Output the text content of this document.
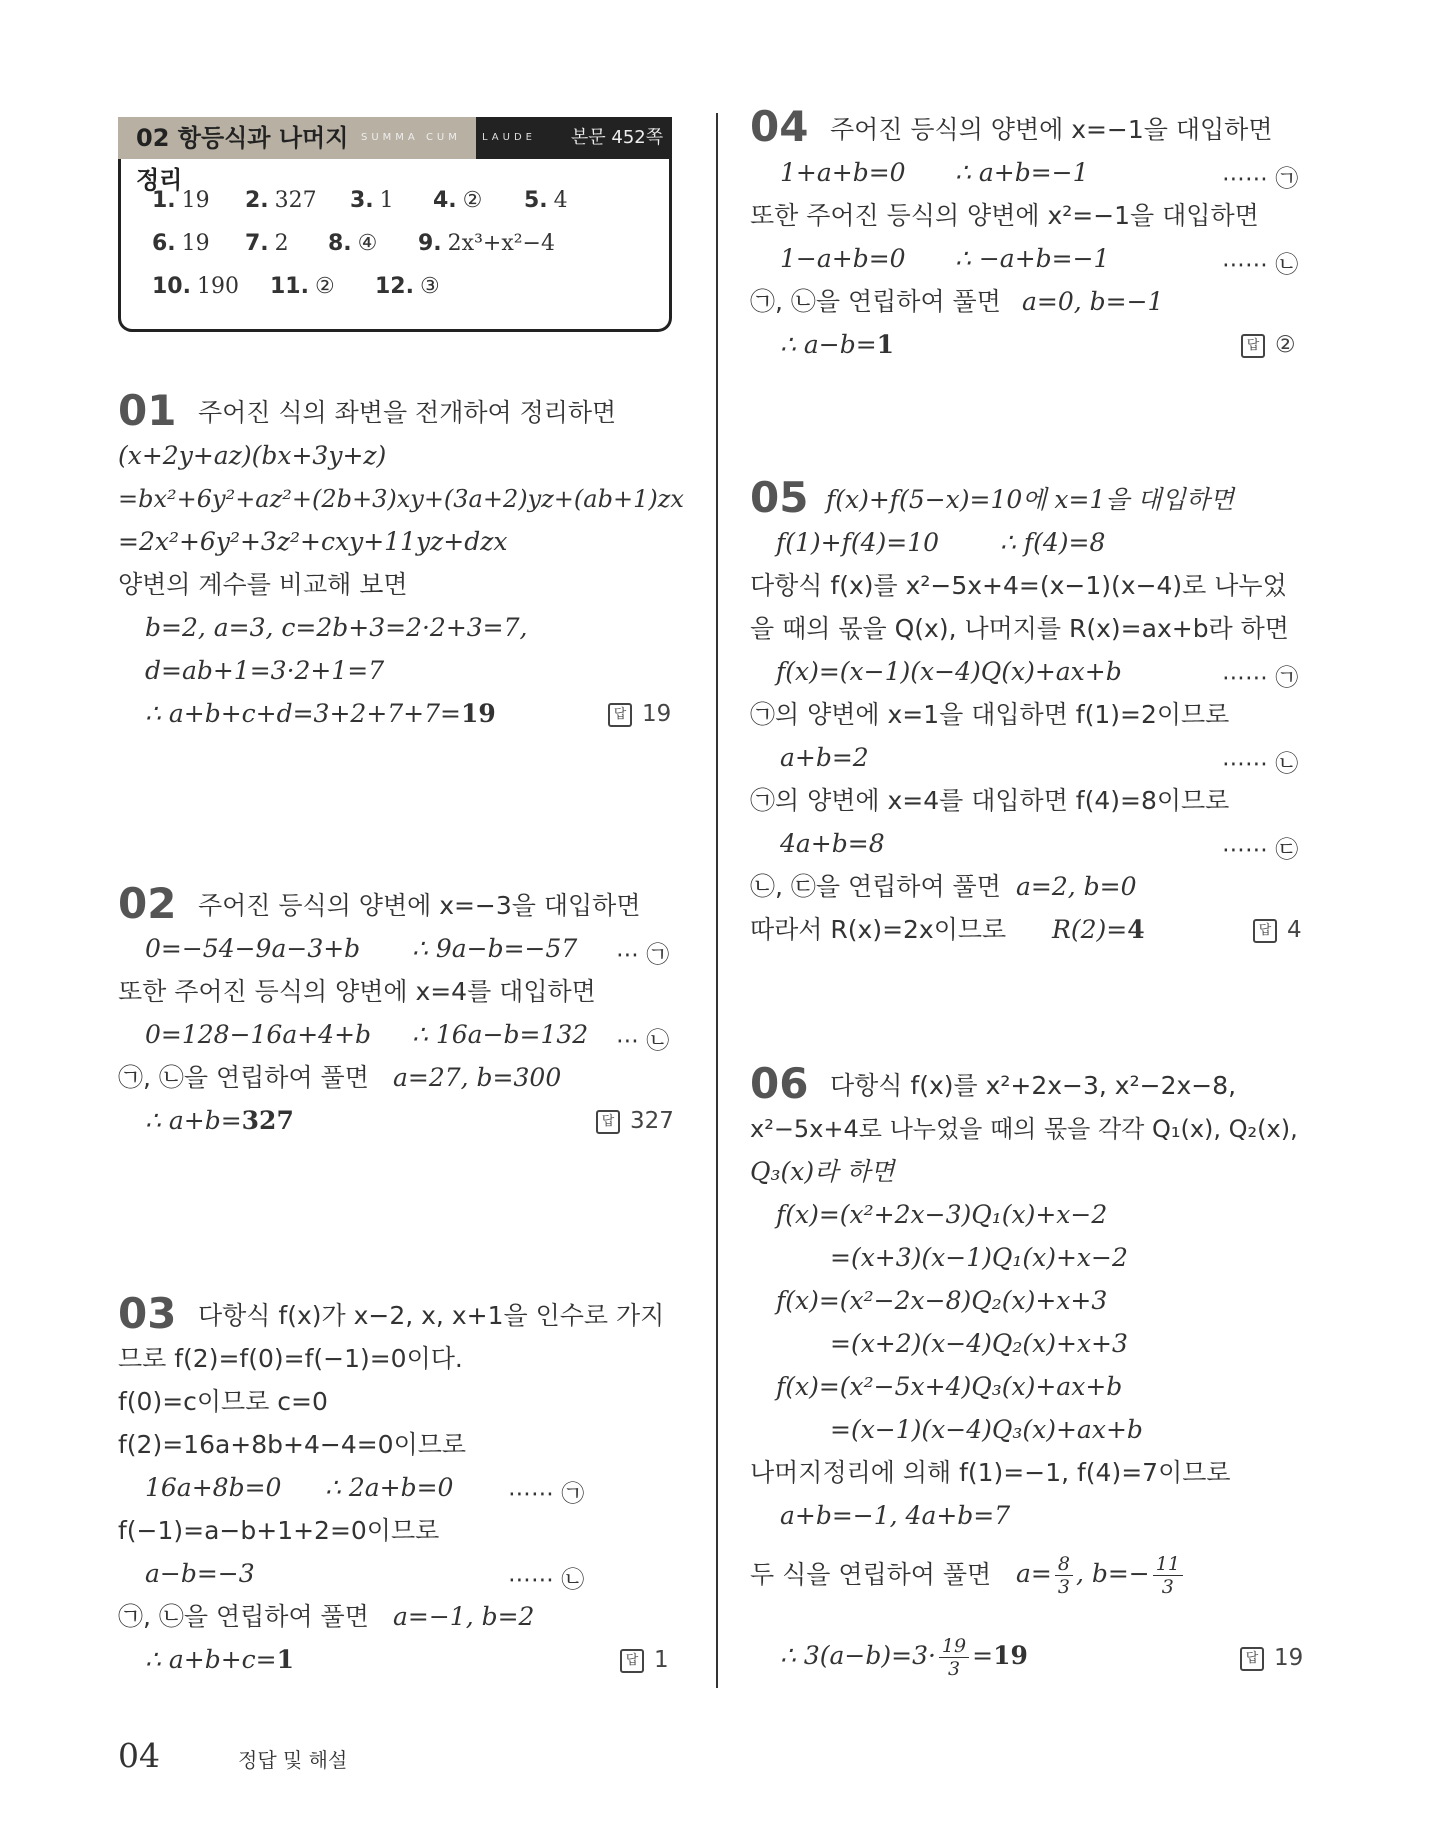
02 항등식과 나머지정리
SUMMA CUM	LAUDE	본문 452쪽
1. 19 2. 327 3. 1 4. ② 5. 4
6. 19 7. 2 8. ④ 9. 2x³+x²−4
10. 190 11. ② 12. ③
01 주어진 식의 좌변을 전개하여 정리하면
(x+2y+az)(bx+3y+z)
=bx²+6y²+az²+(2b+3)xy+(3a+2)yz+(ab+1)zx
=2x²+6y²+3z²+cxy+11yz+dzx
양변의 계수를 비교해 보면
b=2, a=3, c=2b+3=2·2+3=7,
d=ab+1=3·2+1=7
∴ a+b+c+d=3+2+7+7=19	답 19
02 주어진 등식의 양변에 x=−3을 대입하면
0=−54−9a−3+b ∴ 9a−b=−57 ⋯ ㉠
또한 주어진 등식의 양변에 x=4를 대입하면
0=128−16a+4+b ∴ 16a−b=132 ⋯ ㉡
㉠, ㉡을 연립하여 풀면 a=27, b=300
∴ a+b=327	답 327
03 다항식 f(x)가 x−2, x, x+1을 인수로 가지
므로 f(2)=f(0)=f(−1)=0이다.
f(0)=c이므로 c=0
f(2)=16a+8b+4−4=0이므로
16a+8b=0 ∴ 2a+b=0 ⋯⋯ ㉠
f(−1)=a−b+1+2=0이므로
a−b=−3	⋯⋯ ㉡
㉠, ㉡을 연립하여 풀면 a=−1, b=2
∴ a+b+c=1	답 1
04 주어진 등식의 양변에 x=−1을 대입하면
1+a+b=0 ∴ a+b=−1	⋯⋯ ㉠
또한 주어진 등식의 양변에 x²=−1을 대입하면
1−a+b=0 ∴ −a+b=−1	⋯⋯ ㉡
㉠, ㉡을 연립하여 풀면 a=0, b=−1
∴ a−b=1	답 ②
05 f(x)+f(5−x)=10에 x=1을 대입하면
f(1)+f(4)=10 ∴ f(4)=8
다항식 f(x)를 x²−5x+4=(x−1)(x−4)로 나누었
을 때의 몫을 Q(x), 나머지를 R(x)=ax+b라 하면
f(x)=(x−1)(x−4)Q(x)+ax+b	⋯⋯ ㉠
㉠의 양변에 x=1을 대입하면 f(1)=2이므로
a+b=2	⋯⋯ ㉡
㉠의 양변에 x=4를 대입하면 f(4)=8이므로
4a+b=8	⋯⋯ ㉢
㉡, ㉢을 연립하여 풀면 a=2, b=0
따라서 R(x)=2x이므로 R(2)=4	답 4
06 다항식 f(x)를 x²+2x−3, x²−2x−8,
x²−5x+4로 나누었을 때의 몫을 각각 Q₁(x), Q₂(x),
Q₃(x)라 하면
f(x)=(x²+2x−3)Q₁(x)+x−2
=(x+3)(x−1)Q₁(x)+x−2
f(x)=(x²−2x−8)Q₂(x)+x+3
=(x+2)(x−4)Q₂(x)+x+3
f(x)=(x²−5x+4)Q₃(x)+ax+b
=(x−1)(x−4)Q₃(x)+ax+b
나머지정리에 의해 f(1)=−1, f(4)=7이므로
a+b=−1, 4a+b=7
두 식을 연립하여 풀면 $a= \frac{8}{3}$ , $b=- \frac{11}{3}$
∴ $3(a-b)=3\cdot \frac{19}{3} =19$	답 19
04	정답 및 해설
